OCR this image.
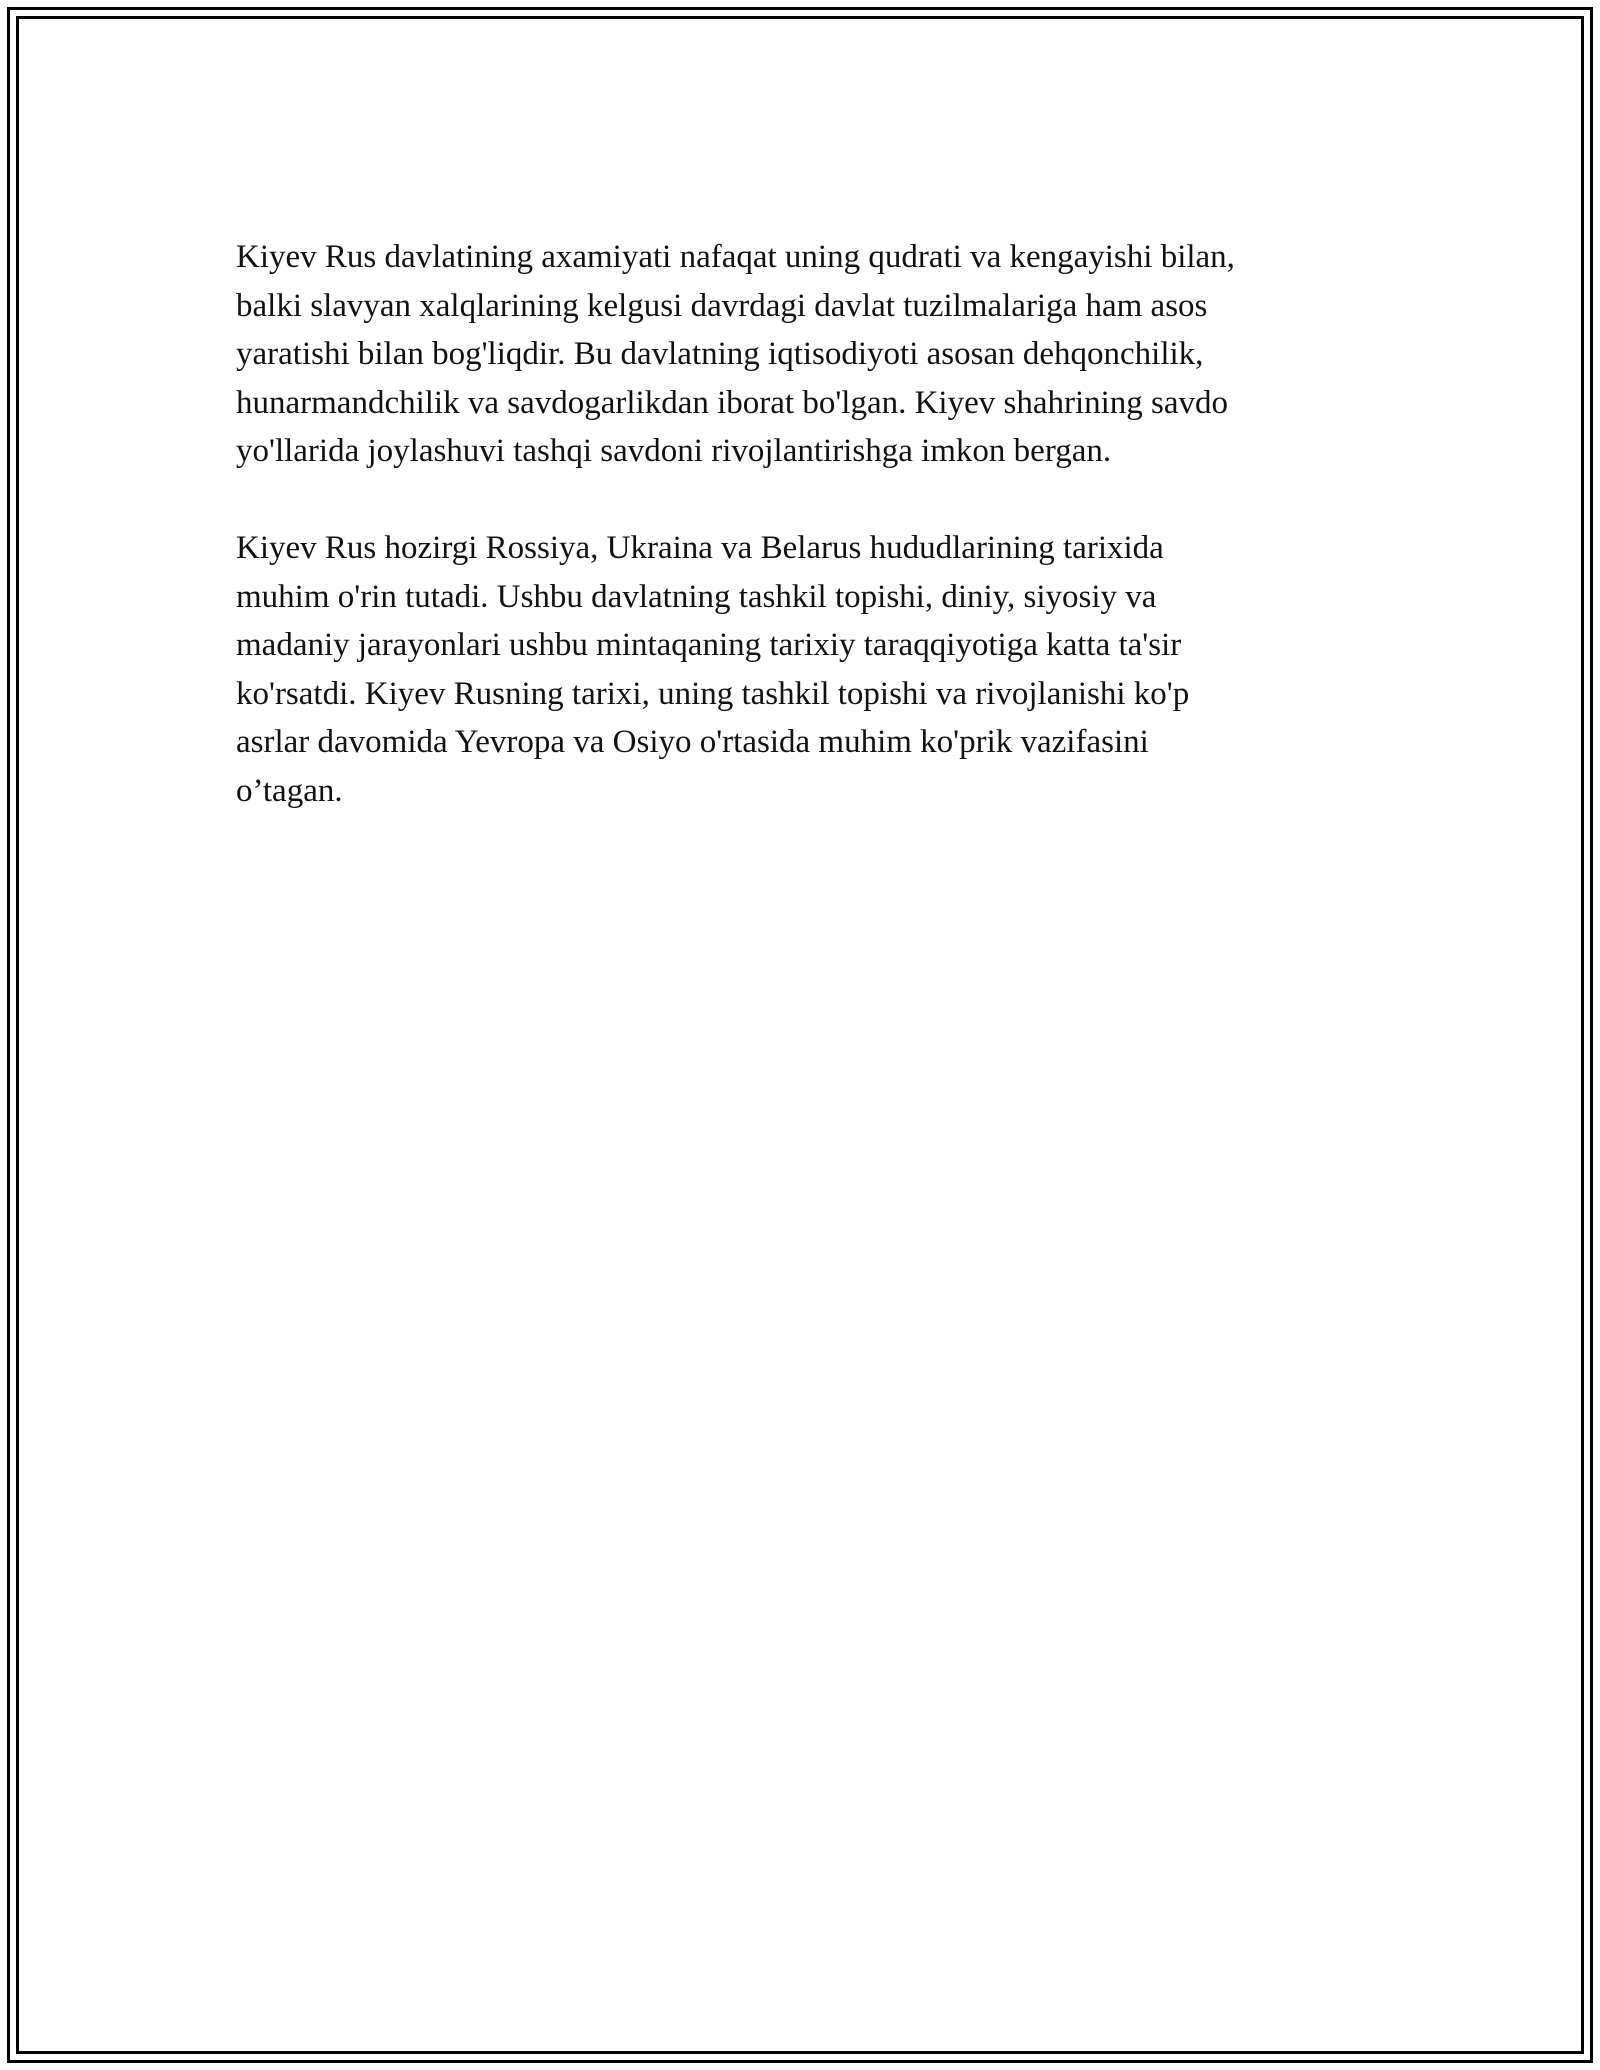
Kiyev Rus davlatining axamiyati nafaqat uning qudrati va kengayishi bilan,
balki slavyan xalqlarining kelgusi davrdagi davlat tuzilmalariga ham asos
yaratishi bilan bog'liqdir. Bu davlatning iqtisodiyoti asosan dehqonchilik,
hunarmandchilik va savdogarlikdan iborat bo'lgan. Kiyev shahrining savdo
yo'llarida joylashuvi tashqi savdoni rivojlantirishga imkon bergan.

Kiyev Rus hozirgi Rossiya, Ukraina va Belarus hududlarining tarixida
muhim o'rin tutadi. Ushbu davlatning tashkil topishi, diniy, siyosiy va
madaniy jarayonlari ushbu mintaqaning tarixiy taraqqiyotiga katta ta'sir
ko'rsatdi. Kiyev Rusning tarixi, uning tashkil topishi va rivojlanishi ko'p
asrlar davomida Yevropa va Osiyo o'rtasida muhim ko'prik vazifasini
o’tagan.
